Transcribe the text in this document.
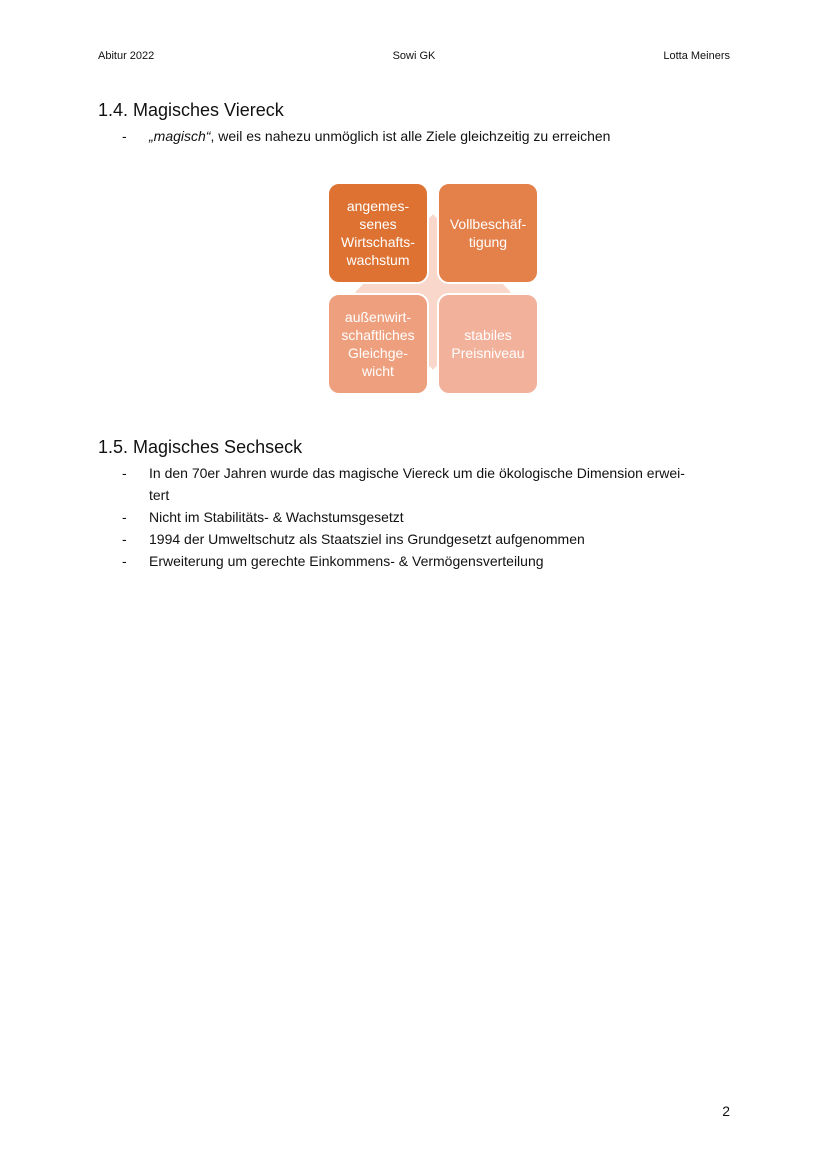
Abitur 2022	Sowi GK	Lotta Meiners
1.4. Magisches Viereck
- „magisch“, weil es nahezu unmöglich ist alle Ziele gleichzeitig zu erreichen
angemes-
senes
Wirtschafts-
wachstum
Vollbeschäf-
tigung
außenwirt-
schaftliches
Gleichge-
wicht
stabiles
Preisniveau
1.5. Magisches Sechseck
- In den 70er Jahren wurde das magische Viereck um die ökologische Dimension erwei-
tert
- Nicht im Stabilitäts- & Wachstumsgesetzt
- 1994 der Umweltschutz als Staatsziel ins Grundgesetzt aufgenommen
- Erweiterung um gerechte Einkommens- & Vermögensverteilung
2
